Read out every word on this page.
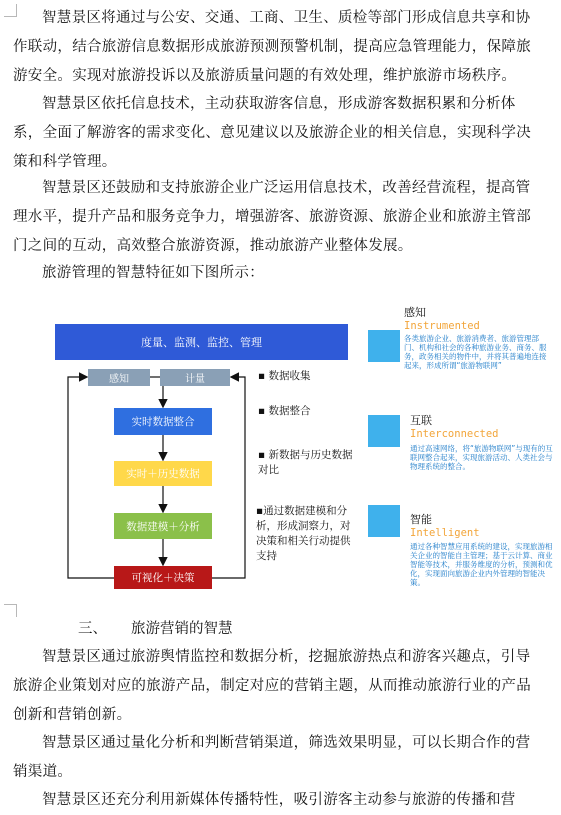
智慧景区将通过与公安、交通、工商、卫生、质检等部门形成信息共享和协作联动，结合旅游信息数据形成旅游预测预警机制，提高应急管理能力，保障旅游安全。实现对旅游投诉以及旅游质量问题的有效处理，维护旅游市场秩序。

智慧景区依托信息技术，主动获取游客信息，形成游客数据积累和分析体系，全面了解游客的需求变化、意见建议以及旅游企业的相关信息，实现科学决策和科学管理。

智慧景区还鼓励和支持旅游企业广泛运用信息技术，改善经营流程，提高管理水平，提升产品和服务竞争力，增强游客、旅游资源、旅游企业和旅游主管部门之间的互动，高效整合旅游资源，推动旅游产业整体发展。

旅游管理的智慧特征如下图所示：

度量、监测、监控、管理
感知	计量
实时数据整合
实时＋历史数据
数据建模＋分析
可视化＋决策
▪ 数据收集
▪ 数据整合
▪ 新数据与历史数据对比
▪通过数据建模和分析，形成洞察力，对决策和相关行动提供支持
感知
Instrumented
各类旅游企业、旅游消费者、旅游管理部门、机构和社会的各种旅游业务、商务、服务，政务相关的物件中，并将其普遍地连接起来，形成所谓“旅游物联网”
互联
Interconnected
通过高速网络，将“旅游物联网”与现有的互联网整合起来，实现旅游活动、人类社会与物理系统的整合。
智能
Intelligent
通过各种智慧应用系统的建设，实现旅游相关企业的智能自主管理；基于云计算、商业智能等技术，并服务维度的分析，预测和优化，实现面向旅游企业内外管理的智能决策。
三、 旅游营销的智慧

智慧景区通过旅游舆情监控和数据分析，挖掘旅游热点和游客兴趣点，引导旅游企业策划对应的旅游产品，制定对应的营销主题，从而推动旅游行业的产品创新和营销创新。

智慧景区通过量化分析和判断营销渠道，筛选效果明显，可以长期合作的营销渠道。

智慧景区还充分利用新媒体传播特性，吸引游客主动参与旅游的传播和营
